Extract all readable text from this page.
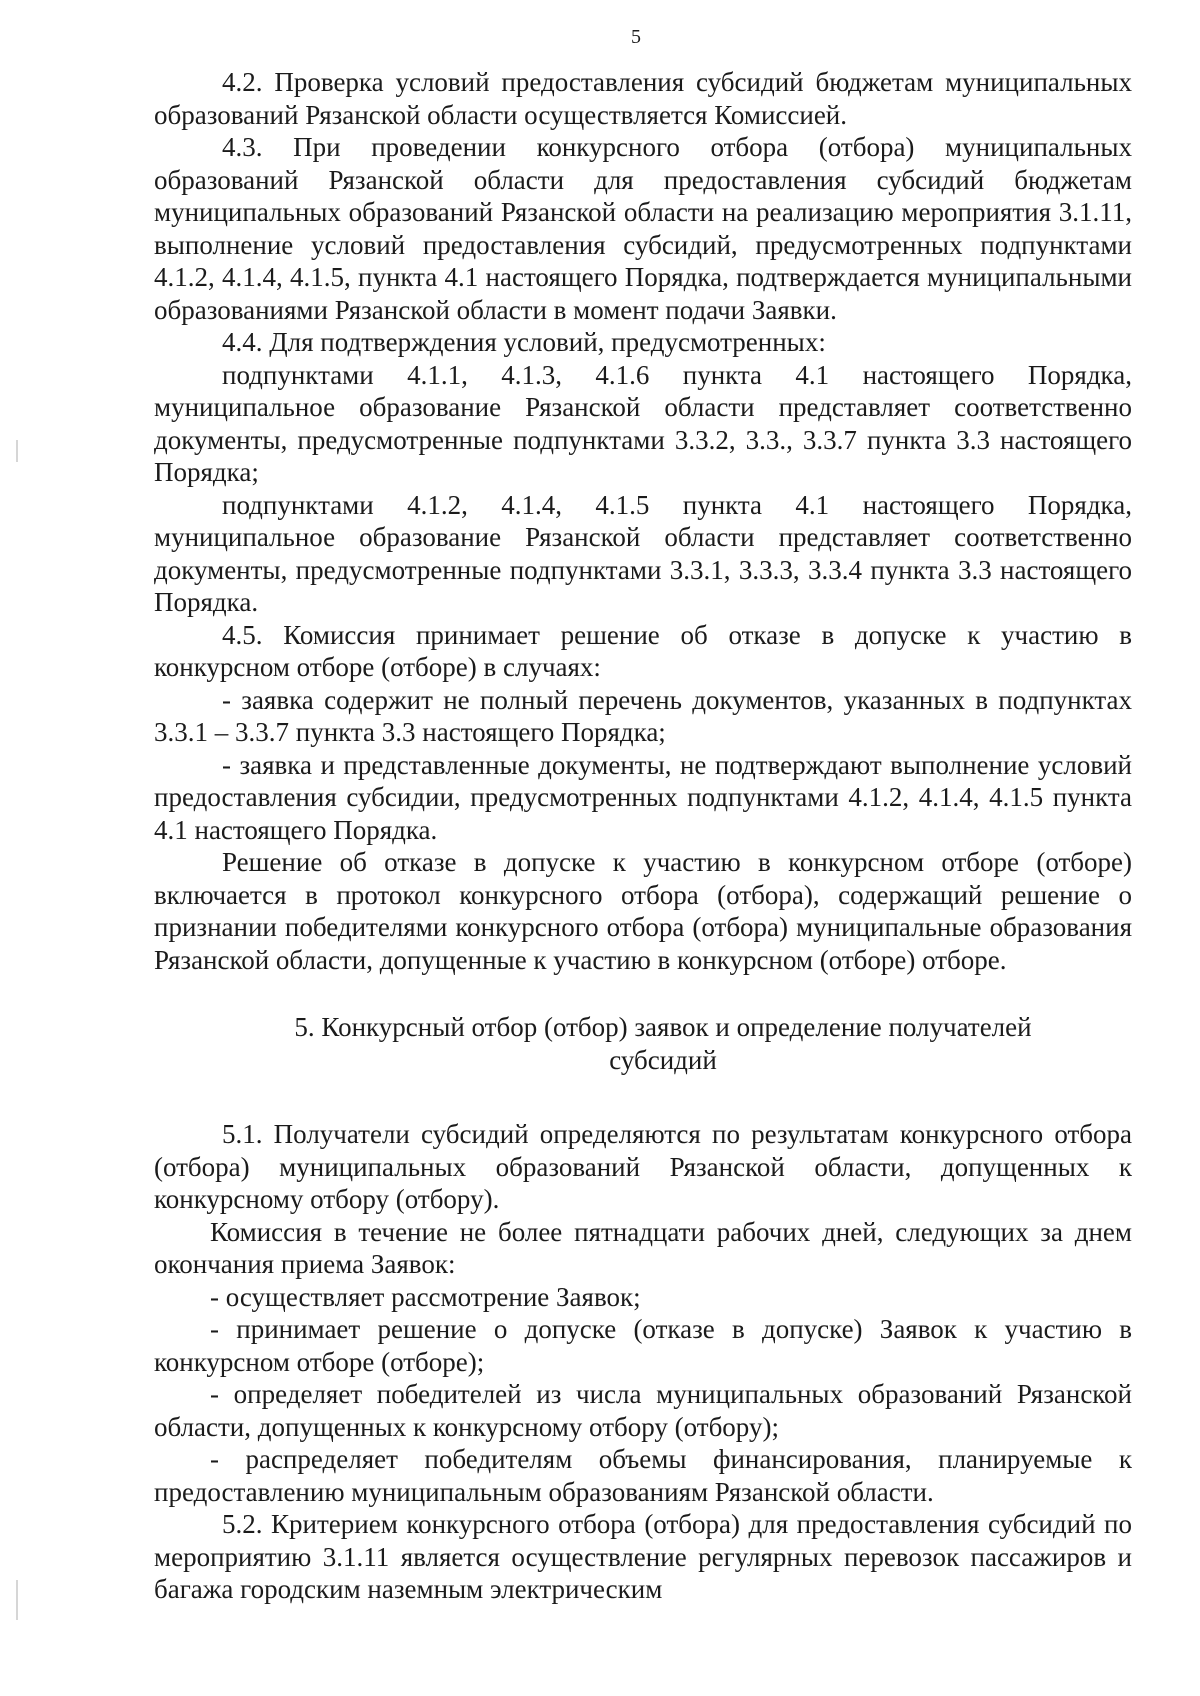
5

4.2. Проверка условий предоставления субсидий бюджетам муниципальных образований Рязанской области осуществляется Комиссией.

4.3. При проведении конкурсного отбора (отбора) муниципальных образований Рязанской области для предоставления субсидий бюджетам муниципальных образований Рязанской области на реализацию мероприятия 3.1.11, выполнение условий предоставления субсидий, предусмотренных подпунктами 4.1.2, 4.1.4, 4.1.5, пункта 4.1 настоящего Порядка, подтверждается муниципальными образованиями Рязанской области в момент подачи Заявки.

4.4. Для подтверждения условий, предусмотренных:

подпунктами 4.1.1, 4.1.3, 4.1.6 пункта 4.1 настоящего Порядка, муниципальное образование Рязанской области представляет соответственно документы, предусмотренные подпунктами 3.3.2, 3.3., 3.3.7 пункта 3.3 настоящего Порядка;

подпунктами 4.1.2, 4.1.4, 4.1.5 пункта 4.1 настоящего Порядка, муниципальное образование Рязанской области представляет соответственно документы, предусмотренные подпунктами 3.3.1, 3.3.3, 3.3.4 пункта 3.3 настоящего Порядка.

4.5. Комиссия принимает решение об отказе в допуске к участию в конкурсном отборе (отборе) в случаях:

- заявка содержит не полный перечень документов, указанных в подпунктах 3.3.1 – 3.3.7 пункта 3.3 настоящего Порядка;

- заявка и представленные документы, не подтверждают выполнение условий предоставления субсидии, предусмотренных подпунктами 4.1.2, 4.1.4, 4.1.5 пункта 4.1 настоящего Порядка.

Решение об отказе в допуске к участию в конкурсном отборе (отборе) включается в протокол конкурсного отбора (отбора), содержащий решение о признании победителями конкурсного отбора (отбора) муниципальные образования Рязанской области, допущенные к участию в конкурсном (отборе) отборе.

5. Конкурсный отбор (отбор) заявок и определение получателей
субсидий

5.1. Получатели субсидий определяются по результатам конкурсного отбора (отбора) муниципальных образований Рязанской области, допущенных к конкурсному отбору (отбору).

Комиссия в течение не более пятнадцати рабочих дней, следующих за днем окончания приема Заявок:

- осуществляет рассмотрение Заявок;

- принимает решение о допуске (отказе в допуске) Заявок к участию в конкурсном отборе (отборе);

- определяет победителей из числа муниципальных образований Рязанской области, допущенных к конкурсному отбору (отбору);

- распределяет победителям объемы финансирования, планируемые к предоставлению муниципальным образованиям Рязанской области.

5.2. Критерием конкурсного отбора (отбора) для предоставления субсидий по мероприятию 3.1.11 является осуществление регулярных перевозок пассажиров и багажа городским наземным электрическим
